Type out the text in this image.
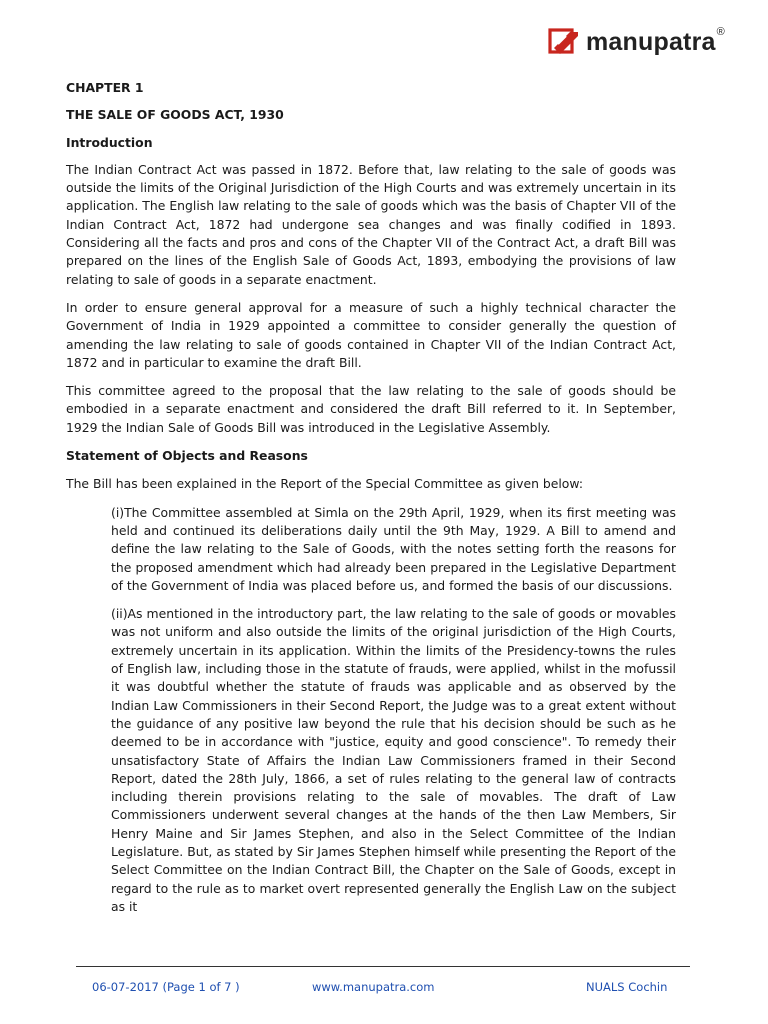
manupatra ®

CHAPTER 1

THE SALE OF GOODS ACT, 1930

Introduction

The Indian Contract Act was passed in 1872. Before that, law relating to the sale of goods was outside the limits of the Original Jurisdiction of the High Courts and was extremely uncertain in its application. The English law relating to the sale of goods which was the basis of Chapter VII of the Indian Contract Act, 1872 had undergone sea changes and was finally codified in 1893. Considering all the facts and pros and cons of the Chapter VII of the Contract Act, a draft Bill was prepared on the lines of the English Sale of Goods Act, 1893, embodying the provisions of law relating to sale of goods in a separate enactment.

In order to ensure general approval for a measure of such a highly technical character the Government of India in 1929 appointed a committee to consider generally the question of amending the law relating to sale of goods contained in Chapter VII of the Indian Contract Act, 1872 and in particular to examine the draft Bill.

This committee agreed to the proposal that the law relating to the sale of goods should be embodied in a separate enactment and considered the draft Bill referred to it. In September, 1929 the Indian Sale of Goods Bill was introduced in the Legislative Assembly.

Statement of Objects and Reasons

The Bill has been explained in the Report of the Special Committee as given below:

(i)The Committee assembled at Simla on the 29th April, 1929, when its first meeting was held and continued its deliberations daily until the 9th May, 1929. A Bill to amend and define the law relating to the Sale of Goods, with the notes setting forth the reasons for the proposed amendment which had already been prepared in the Legislative Department of the Government of India was placed before us, and formed the basis of our discussions.

(ii)As mentioned in the introductory part, the law relating to the sale of goods or movables was not uniform and also outside the limits of the original jurisdiction of the High Courts, extremely uncertain in its application. Within the limits of the Presidency-towns the rules of English law, including those in the statute of frauds, were applied, whilst in the mofussil it was doubtful whether the statute of frauds was applicable and as observed by the Indian Law Commissioners in their Second Report, the Judge was to a great extent without the guidance of any positive law beyond the rule that his decision should be such as he deemed to be in accordance with "justice, equity and good conscience". To remedy their unsatisfactory State of Affairs the Indian Law Commissioners framed in their Second Report, dated the 28th July, 1866, a set of rules relating to the general law of contracts including therein provisions relating to the sale of movables. The draft of Law Commissioners underwent several changes at the hands of the then Law Members, Sir Henry Maine and Sir James Stephen, and also in the Select Committee of the Indian Legislature. But, as stated by Sir James Stephen himself while presenting the Report of the Select Committee on the Indian Contract Bill, the Chapter on the Sale of Goods, except in regard to the rule as to market overt represented generally the English Law on the subject as it

06-07-2017 (Page 1 of 7 )	www.manupatra.com	NUALS Cochin
